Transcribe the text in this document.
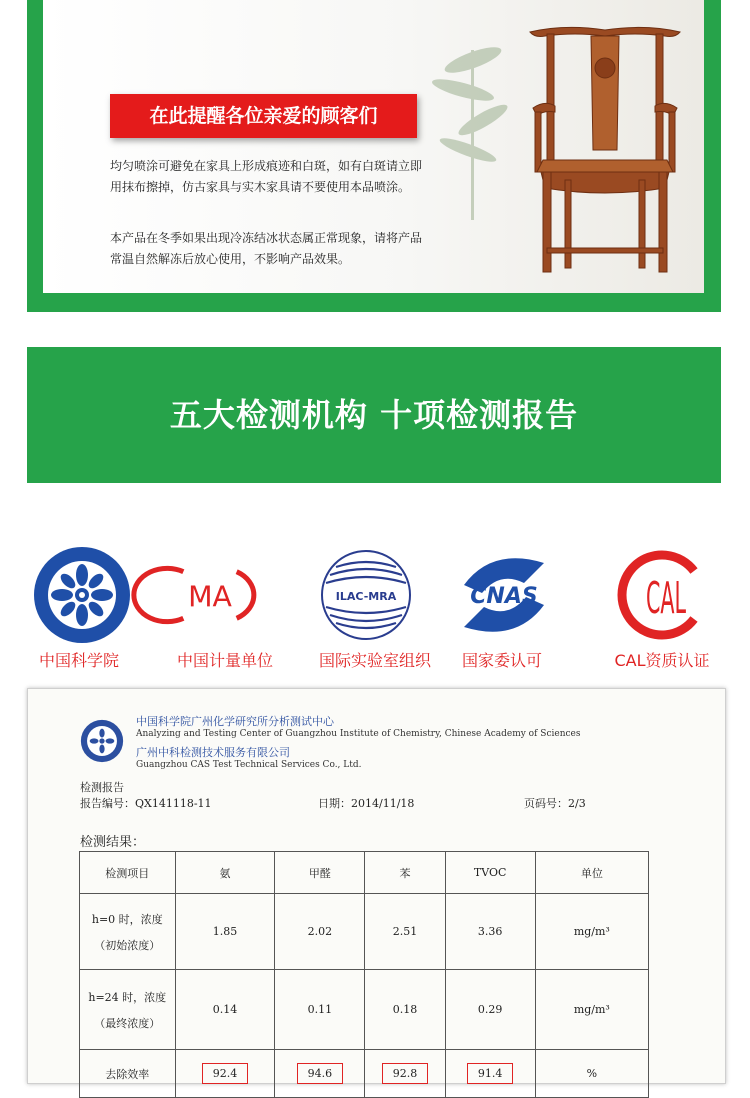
在此提醒各位亲爱的顾客们
均匀喷涂可避免在家具上形成痕迹和白斑，如有白斑请立即用抹布擦掉，仿古家具与实木家具请不要使用本品喷涂。
本产品在冬季如果出现冷冻结冰状态属正常现象，请将产品常温自然解冻后放心使用，不影响产品效果。
五大检测机构 十项检测报告
MA	ILAC-MRA	CNAS CAL
中国科学院	中国计量单位	国际实验室组织	国家委认可	CAL资质认证
中国科学院广州化学研究所分析测试中心
Analyzing and Testing Center of Guangzhou Institute of Chemistry, Chinese Academy of Sciences
广州中科检测技术服务有限公司
Guangzhou CAS Test Technical Services Co., Ltd.
检测报告
报告编号：QX141118-11	日期：2014/11/18	页码号：2/3
检测结果：
检测项目	氨	甲醛	苯	TVOC	单位

h=0 时，浓度
（初始浓度）	1.85	2.02	2.51	3.36	mg/m³

h=24 时，浓度
（最终浓度）	0.14	0.11	0.18	0.29	mg/m³
去除效率	92.4	94.6	92.8	91.4	%
